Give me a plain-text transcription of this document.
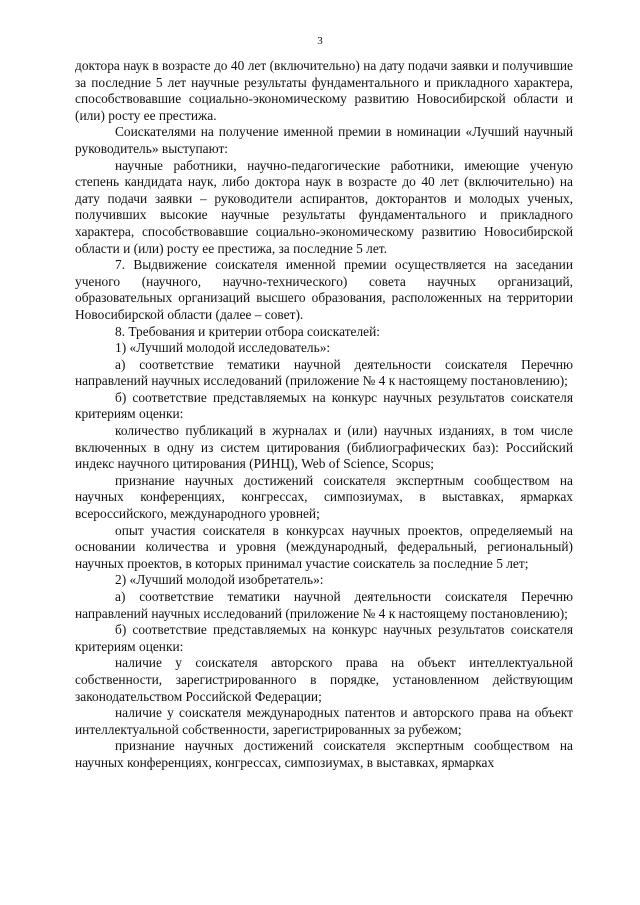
3

доктора наук в возрасте до 40 лет (включительно) на дату подачи заявки и получившие за последние 5 лет научные результаты фундаментального и прикладного характера, способствовавшие социально-экономическому развитию Новосибирской области и (или) росту ее престижа.

Соискателями на получение именной премии в номинации «Лучший научный руководитель» выступают:

научные работники, научно-педагогические работники, имеющие ученую степень кандидата наук, либо доктора наук в возрасте до 40 лет (включительно) на дату подачи заявки – руководители аспирантов, докторантов и молодых ученых, получивших высокие научные результаты фундаментального и прикладного характера, способствовавшие социально-экономическому развитию Новосибирской области и (или) росту ее престижа, за последние 5 лет.

7. Выдвижение соискателя именной премии осуществляется на заседании ученого (научного, научно-технического) совета научных организаций, образовательных организаций высшего образования, расположенных на территории Новосибирской области (далее – совет).

8. Требования и критерии отбора соискателей:

1) «Лучший молодой исследователь»:

а) соответствие тематики научной деятельности соискателя Перечню направлений научных исследований (приложение № 4 к настоящему постановлению);

б) соответствие представляемых на конкурс научных результатов соискателя критериям оценки:

количество публикаций в журналах и (или) научных изданиях, в том числе включенных в одну из систем цитирования (библиографических баз): Российский индекс научного цитирования (РИНЦ), Web of Science, Scopus;

признание научных достижений соискателя экспертным сообществом на научных конференциях, конгрессах, симпозиумах, в выставках, ярмарках всероссийского, международного уровней;

опыт участия соискателя в конкурсах научных проектов, определяемый на основании количества и уровня (международный, федеральный, региональный) научных проектов, в которых принимал участие соискатель за последние 5 лет;

2) «Лучший молодой изобретатель»:

а) соответствие тематики научной деятельности соискателя Перечню направлений научных исследований (приложение № 4 к настоящему постановлению);

б) соответствие представляемых на конкурс научных результатов соискателя критериям оценки:

наличие у соискателя авторского права на объект интеллектуальной собственности, зарегистрированного в порядке, установленном действующим законодательством Российской Федерации;

наличие у соискателя международных патентов и авторского права на объект интеллектуальной собственности, зарегистрированных за рубежом;

признание научных достижений соискателя экспертным сообществом на научных конференциях, конгрессах, симпозиумах, в выставках, ярмарках
